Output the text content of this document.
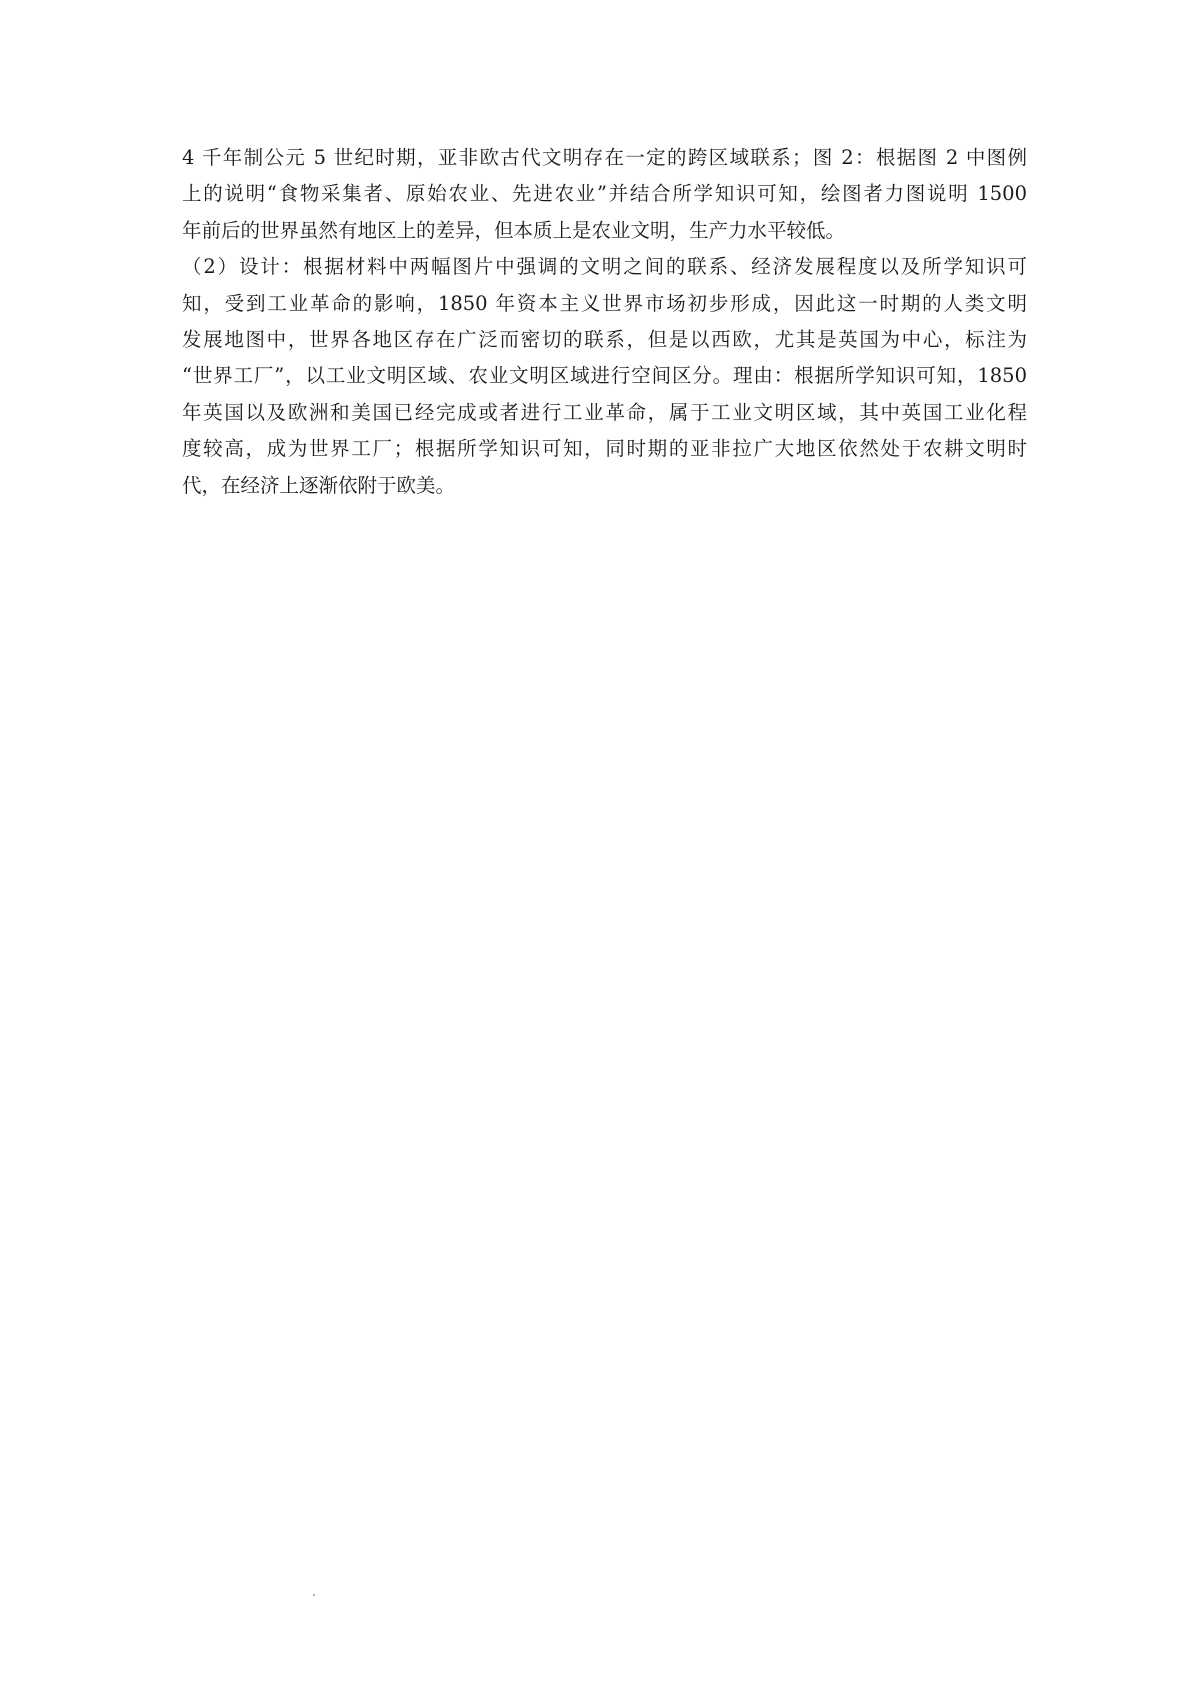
4 千年制公元 5 世纪时期，亚非欧古代文明存在一定的跨区域联系；图 2：根据图 2 中图例

上的说明“食物采集者、原始农业、先进农业”并结合所学知识可知，绘图者力图说明 1500

年前后的世界虽然有地区上的差异，但本质上是农业文明，生产力水平较低。

（2）设计：根据材料中两幅图片中强调的文明之间的联系、经济发展程度以及所学知识可

知，受到工业革命的影响，1850 年资本主义世界市场初步形成，因此这一时期的人类文明

发展地图中，世界各地区存在广泛而密切的联系，但是以西欧，尤其是英国为中心，标注为

“世界工厂”，以工业文明区域、农业文明区域进行空间区分。理由：根据所学知识可知，1850

年英国以及欧洲和美国已经完成或者进行工业革命，属于工业文明区域，其中英国工业化程

度较高，成为世界工厂；根据所学知识可知，同时期的亚非拉广大地区依然处于农耕文明时

代，在经济上逐渐依附于欧美。
